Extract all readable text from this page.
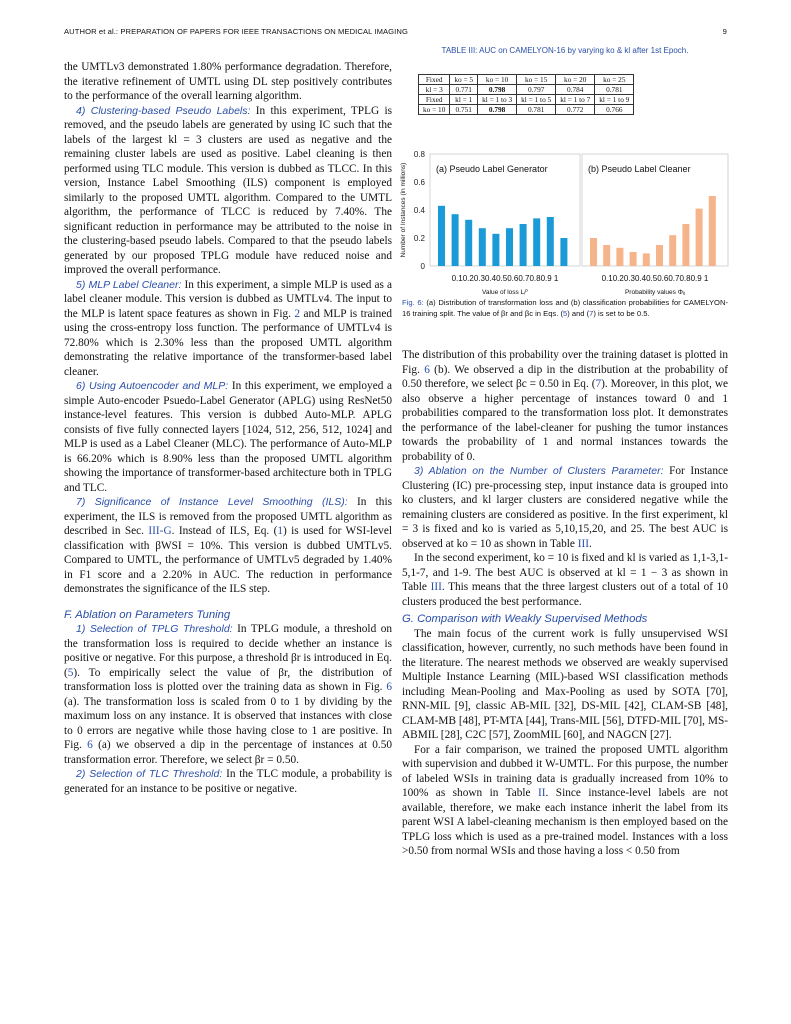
AUTHOR et al.: PREPARATION OF PAPERS FOR IEEE TRANSACTIONS ON MEDICAL IMAGING	9

the UMTLv3 demonstrated 1.80% performance degradation. Therefore, the iterative refinement of UMTL using DL step positively contributes to the performance of the overall learning algorithm.

4) Clustering-based Pseudo Labels: In this experiment, TPLG is removed, and the pseudo labels are generated by using IC such that the labels of the largest kl = 3 clusters are used as negative and the remaining cluster labels are used as positive. Label cleaning is then performed using TLC module. This version is dubbed as TLCC. In this version, Instance Label Smoothing (ILS) component is employed similarly to the proposed UMTL algorithm. Compared to the UMTL algorithm, the performance of TLCC is reduced by 7.40%. The significant reduction in performance may be attributed to the noise in the clustering-based pseudo labels. Compared to that the pseudo labels generated by our proposed TPLG module have reduced noise and improved the overall performance.

5) MLP Label Cleaner: In this experiment, a simple MLP is used as a label cleaner module. This version is dubbed as UMTLv4. The input to the MLP is latent space features as shown in Fig. 2 and MLP is trained using the cross-entropy loss function. The performance of UMTLv4 is 72.80% which is 2.30% less than the proposed UMTL algorithm demonstrating the relative importance of the transformer-based label cleaner.

6) Using Autoencoder and MLP: In this experiment, we employed a simple Auto-encoder Psuedo-Label Generator (APLG) using ResNet50 instance-level features. This version is dubbed Auto-MLP. APLG consists of five fully connected layers [1024, 512, 256, 512, 1024] and MLP is used as a Label Cleaner (MLC). The performance of Auto-MLP is 66.20% which is 8.90% less than the proposed UMTL algorithm showing the importance of transformer-based architecture both in TPLG and TLC.

7) Significance of Instance Level Smoothing (ILS): In this experiment, the ILS is removed from the proposed UMTL algorithm as described in Sec. III-G. Instead of ILS, Eq. (1) is used for WSI-level classification with βWSI = 10%. This version is dubbed UMTLv5. Compared to UMTL, the performance of UMTLv5 degraded by 1.40% in F1 score and a 2.20% in AUC. The reduction in performance demonstrates the significance of the ILS step.

F. Ablation on Parameters Tuning

1) Selection of TPLG Threshold: In TPLG module, a threshold on the transformation loss is required to decide whether an instance is positive or negative. For this purpose, a threshold βr is introduced in Eq. (5). To empirically select the value of βr, the distribution of transformation loss is plotted over the training data as shown in Fig. 6 (a). The transformation loss is scaled from 0 to 1 by dividing by the maximum loss on any instance. It is observed that instances with close to 0 errors are negative while those having close to 1 are positive. In Fig. 6 (a) we observed a dip in the percentage of instances at 0.50 transformation error. Therefore, we select βr = 0.50.

2) Selection of TLC Threshold: In the TLC module, a probability is generated for an instance to be positive or negative.

TABLE III: AUC on CAMELYON-16 by varying ko & kl after 1st Epoch.
Fixed	ko = 5	ko = 10	ko = 15	ko = 20	ko = 25
kl = 3	0.771	0.798	0.797	0.784	0.781
Fixed	kl = 1	kl = 1 to 3	kl = 1 to 5	kl = 1 to 7	kl = 1 to 9
ko = 10	0.751	0.798	0.781	0.772	0.766
Number of Instances (in millions)
0
0.2
0.4
0.6
0.8
(a) Pseudo Label Generator
0.10.20.30.40.50.60.70.80.9 1
Value of loss Lᵢᴾ
(b) Pseudo Label Cleaner
0.10.20.30.40.50.60.70.80.9 1
Probability values Φᵢⱼ
Fig. 6: (a) Distribution of transformation loss and (b) classification probabilities for CAMELYON-16 training split. The value of βr and βc in Eqs. (5) and (7) is set to be 0.5.

The distribution of this probability over the training dataset is plotted in Fig. 6 (b). We observed a dip in the distribution at the probability of 0.50 therefore, we select βc = 0.50 in Eq. (7). Moreover, in this plot, we also observe a higher percentage of instances toward 0 and 1 probabilities compared to the transformation loss plot. It demonstrates the performance of the label-cleaner for pushing the tumor instances towards the probability of 1 and normal instances towards the probability of 0.

3) Ablation on the Number of Clusters Parameter: For Instance Clustering (IC) pre-processing step, input instance data is grouped into ko clusters, and kl larger clusters are considered negative while the remaining clusters are considered as positive. In the first experiment, kl = 3 is fixed and ko is varied as 5,10,15,20, and 25. The best AUC is observed at ko = 10 as shown in Table III.

In the second experiment, ko = 10 is fixed and kl is varied as 1,1-3,1-5,1-7, and 1-9. The best AUC is observed at kl = 1 − 3 as shown in Table III. This means that the three largest clusters out of a total of 10 clusters produced the best performance.

G. Comparison with Weakly Supervised Methods

The main focus of the current work is fully unsupervised WSI classification, however, currently, no such methods have been found in the literature. The nearest methods we observed are weakly supervised Multiple Instance Learning (MIL)-based WSI classification methods including Mean-Pooling and Max-Pooling as used by SOTA [70], RNN-MIL [9], classic AB-MIL [32], DS-MIL [42], CLAM-SB [48], CLAM-MB [48], PT-MTA [44], Trans-MIL [56], DTFD-MIL [70], MS-ABMIL [28], C2C [57], ZoomMIL [60], and NAGCN [27].

For a fair comparison, we trained the proposed UMTL algorithm with supervision and dubbed it W-UMTL. For this purpose, the number of labeled WSIs in training data is gradually increased from 10% to 100% as shown in Table II. Since instance-level labels are not available, therefore, we make each instance inherit the label from its parent WSI A label-cleaning mechanism is then employed based on the TPLG loss which is used as a pre-trained model. Instances with a loss >0.50 from normal WSIs and those having a loss < 0.50 from
